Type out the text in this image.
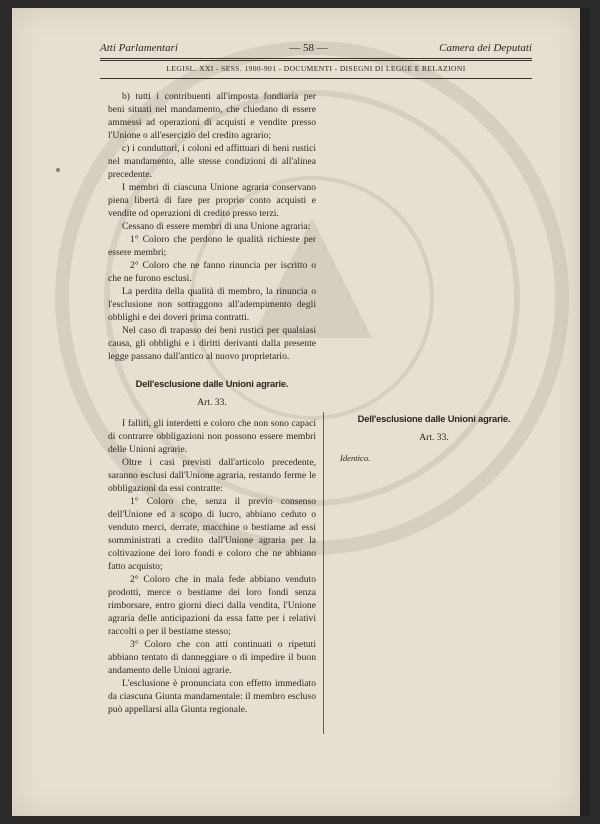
Atti Parlamentari	— 58 —	Camera dei Deputati
LEGISL. XXI - SESS. 1900-901 - DOCUMENTI - DISEGNI DI LEGGE E RELAZIONI

b) tutti i contribuenti all'imposta fondiaria per beni situati nel mandamento, che chiedano di essere ammessi ad operazioni di acquisti e vendite presso l'Unione o all'esercizio del credito agrario;

c) i conduttori, i coloni ed affittuari di beni rustici nel mandamento, alle stesse condizioni di all'alinea precedente.

I membri di ciascuna Unione agraria conservano piena libertà di fare per proprio conto acquisti e vendite od operazioni di credito presso terzi.

Cessano di essere membri di una Unione agraria:

1° Coloro che perdono le qualità richieste per essere membri;

2° Coloro che ne fanno rinuncia per iscritto o che ne furono esclusi.

La perdita della qualità di membro, la rinuncia o l'esclusione non sottraggono all'adempimento degli obblighi e dei doveri prima contratti.

Nel caso di trapasso dei beni rustici per qualsiasi causa, gli obblighi e i diritti derivanti dalla presente legge passano dall'antico al nuovo proprietario.

Dell'esclusione dalle Unioni agrarie.
Art. 33.

I falliti, gli interdetti e coloro che non sono capaci di contrarre obbligazioni non possono essere membri delle Unioni agrarie.

Oltre i casi previsti dall'articolo precedente, saranno esclusi dall'Unione agraria, restando ferme le obbligazioni da essi contratte:

1° Coloro che, senza il previo consenso dell'Unione ed a scopo di lucro, abbiano ceduto o venduto merci, derrate, macchine o bestiame ad essi somministrati a credito dall'Unione agraria per la coltivazione dei loro fondi e coloro che ne abbiano fatto acquisto;

2° Coloro che in mala fede abbiano venduto prodotti, merce o bestiame dei loro fondi senza rimborsare, entro giorni dieci dalla vendita, l'Unione agraria delle anticipazioni da essa fatte per i relativi raccolti o per il bestiame stesso;

3° Coloro che con atti continuati o ripetuti abbiano tentato di danneggiare o di impedire il buon andamento delle Unioni agrarie.

L'esclusione è pronunciata con effetto immediato da ciascuna Giunta mandamentale: il membro escluso può appellarsi alla Giunta regionale.

Dell'esclusione dalle Unioni agrarie.
Art. 33.
Identico.
